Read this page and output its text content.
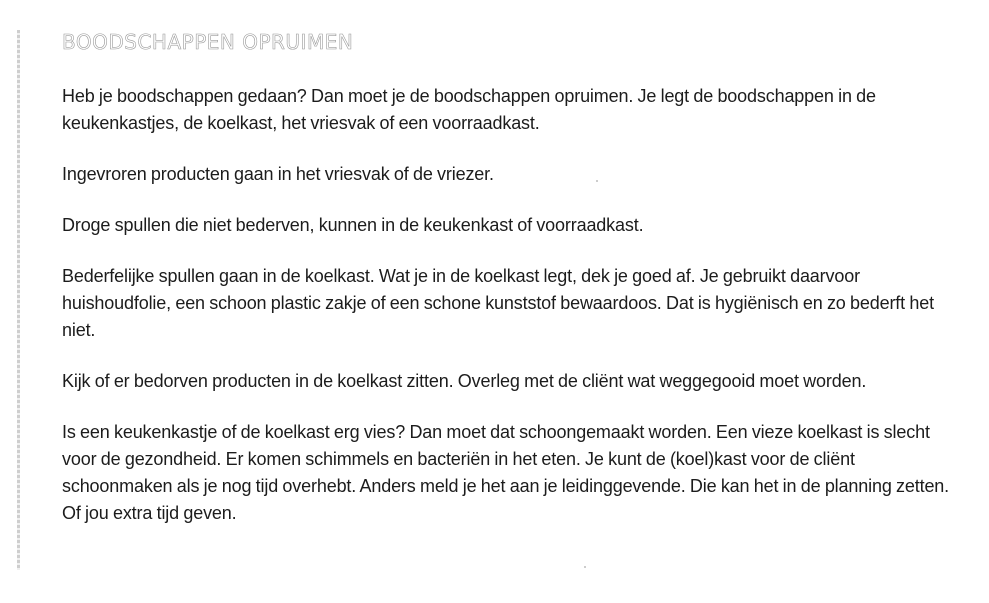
BOODSCHAPPEN OPRUIMEN

Heb je boodschappen gedaan? Dan moet je de boodschappen opruimen. Je legt de boodschappen in de keukenkastjes, de koelkast, het vriesvak of een voorraadkast.

Ingevroren producten gaan in het vriesvak of de vriezer.

Droge spullen die niet bederven, kunnen in de keukenkast of voorraadkast.

Bederfelijke spullen gaan in de koelkast. Wat je in de koelkast legt, dek je goed af. Je gebruikt daarvoor huishoudfolie, een schoon plastic zakje of een schone kunststof bewaardoos. Dat is hygiënisch en zo bederft het niet.

Kijk of er bedorven producten in de koelkast zitten. Overleg met de cliënt wat weggegooid moet worden.

Is een keukenkastje of de koelkast erg vies? Dan moet dat schoongemaakt worden. Een vieze koelkast is slecht voor de gezondheid. Er komen schimmels en bacteriën in het eten. Je kunt de (koel)kast voor de cliënt schoonmaken als je nog tijd overhebt. Anders meld je het aan je leidinggevende. Die kan het in de planning zetten. Of jou extra tijd geven.
